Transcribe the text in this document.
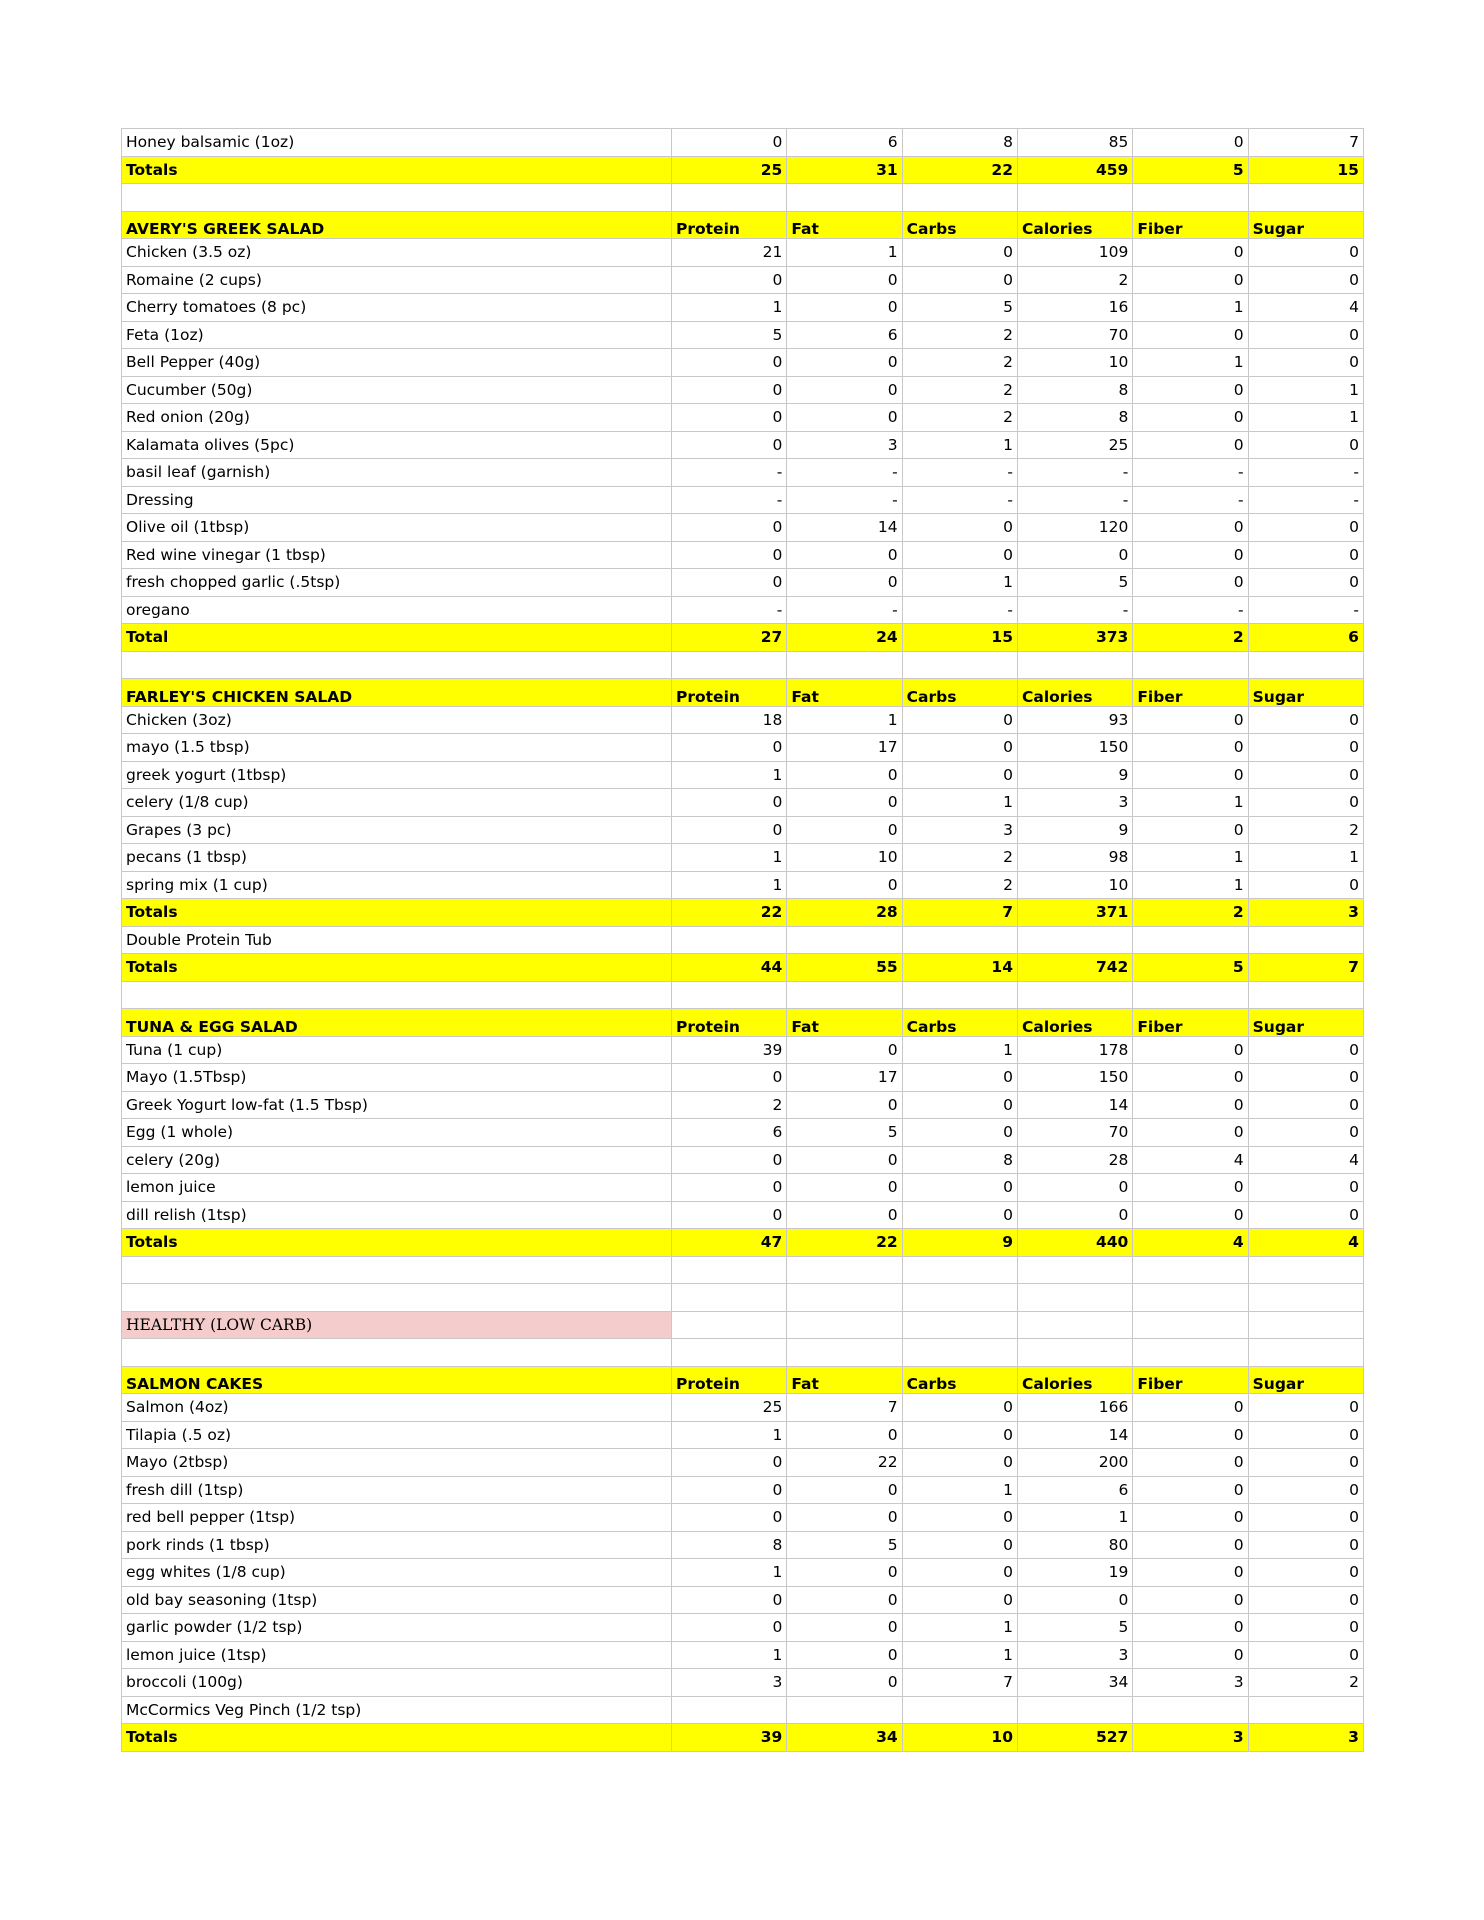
Honey balsamic (1oz)	0	6	8	85	0	7
Totals	25	31	22	459	5	15

AVERY'S GREEK SALAD	Protein	Fat	Carbs	Calories	Fiber	Sugar
Chicken (3.5 oz)	21	1	0	109	0	0
Romaine (2 cups)	0	0	0	2	0	0
Cherry tomatoes (8 pc)	1	0	5	16	1	4
Feta (1oz)	5	6	2	70	0	0
Bell Pepper (40g)	0	0	2	10	1	0
Cucumber (50g)	0	0	2	8	0	1
Red onion (20g)	0	0	2	8	0	1
Kalamata olives (5pc)	0	3	1	25	0	0
basil leaf (garnish)	-	-	-	-	-	-
Dressing	-	-	-	-	-	-
Olive oil (1tbsp)	0	14	0	120	0	0
Red wine vinegar (1 tbsp)	0	0	0	0	0	0
fresh chopped garlic (.5tsp)	0	0	1	5	0	0
oregano	-	-	-	-	-	-
Total	27	24	15	373	2	6

FARLEY'S CHICKEN SALAD	Protein	Fat	Carbs	Calories	Fiber	Sugar
Chicken (3oz)	18	1	0	93	0	0
mayo (1.5 tbsp)	0	17	0	150	0	0
greek yogurt (1tbsp)	1	0	0	9	0	0
celery (1/8 cup)	0	0	1	3	1	0
Grapes (3 pc)	0	0	3	9	0	2
pecans (1 tbsp)	1	10	2	98	1	1
spring mix (1 cup)	1	0	2	10	1	0
Totals	22	28	7	371	2	3
Double Protein Tub						
Totals	44	55	14	742	5	7

TUNA & EGG SALAD	Protein	Fat	Carbs	Calories	Fiber	Sugar
Tuna (1 cup)	39	0	1	178	0	0
Mayo (1.5Tbsp)	0	17	0	150	0	0
Greek Yogurt low-fat (1.5 Tbsp)	2	0	0	14	0	0
Egg (1 whole)	6	5	0	70	0	0
celery (20g)	0	0	8	28	4	4
lemon juice	0	0	0	0	0	0
dill relish (1tsp)	0	0	0	0	0	0
Totals	47	22	9	440	4	4

HEALTHY (LOW CARB)						

SALMON CAKES	Protein	Fat	Carbs	Calories	Fiber	Sugar
Salmon (4oz)	25	7	0	166	0	0
Tilapia (.5 oz)	1	0	0	14	0	0
Mayo (2tbsp)	0	22	0	200	0	0
fresh dill (1tsp)	0	0	1	6	0	0
red bell pepper (1tsp)	0	0	0	1	0	0
pork rinds (1 tbsp)	8	5	0	80	0	0
egg whites (1/8 cup)	1	0	0	19	0	0
old bay seasoning (1tsp)	0	0	0	0	0	0
garlic powder (1/2 tsp)	0	0	1	5	0	0
lemon juice (1tsp)	1	0	1	3	0	0
broccoli (100g)	3	0	7	34	3	2
McCormics Veg Pinch (1/2 tsp)						
Totals	39	34	10	527	3	3
